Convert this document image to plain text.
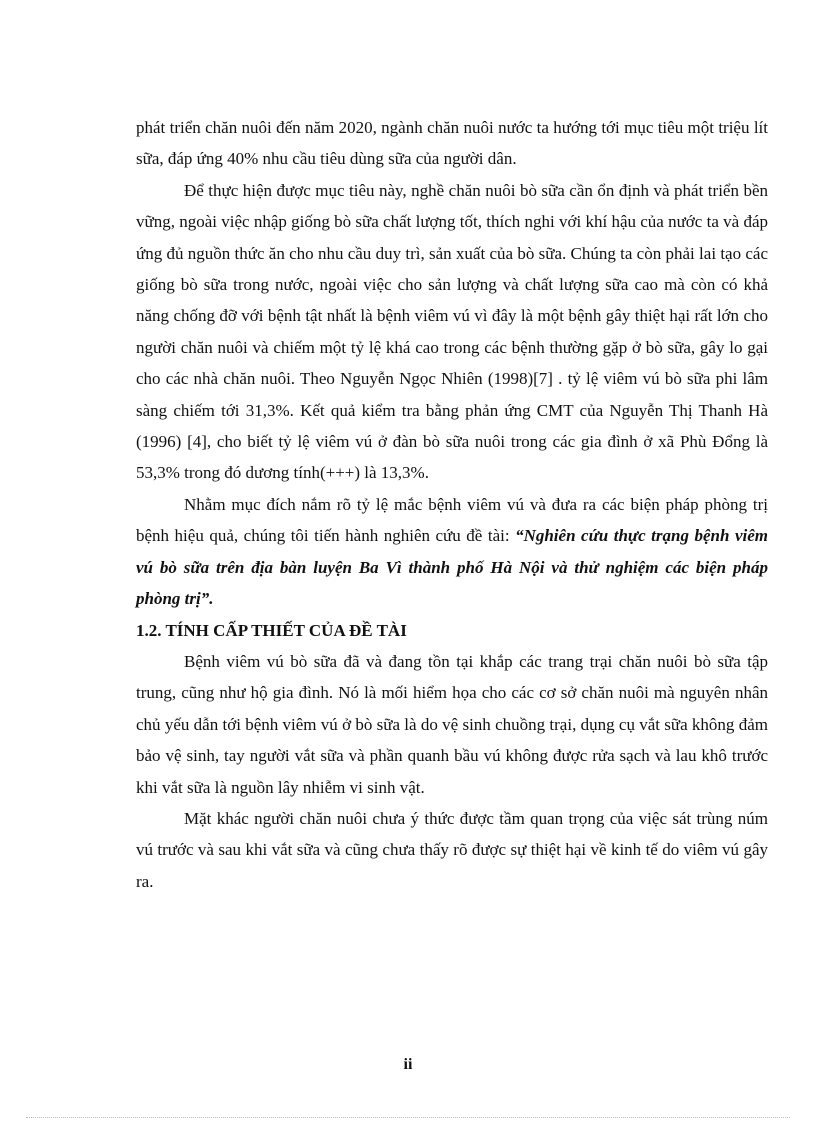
phát triển chăn nuôi đến năm 2020, ngành chăn nuôi nước ta hướng tới mục tiêu một triệu lít sữa, đáp ứng 40% nhu cầu tiêu dùng sữa của người dân.

Để thực hiện được mục tiêu này, nghề chăn nuôi bò sữa cần ổn định và phát triển bền vững, ngoài việc nhập giống bò sữa chất lượng tốt, thích nghi với khí hậu của nước ta và đáp ứng đủ nguồn thức ăn cho nhu cầu duy trì, sản xuất của bò sữa. Chúng ta còn phải lai tạo các giống bò sữa trong nước, ngoài việc cho sản lượng và chất lượng sữa cao mà còn có khả năng chống đỡ với bệnh tật nhất là bệnh viêm vú vì đây là một bệnh gây thiệt hại rất lớn cho người chăn nuôi và chiếm một tỷ lệ khá cao trong các bệnh thường gặp ở bò sữa, gây lo gại cho các nhà chăn nuôi. Theo Nguyễn Ngọc Nhiên (1998)[7] . tỷ lệ viêm vú bò sữa phi lâm sàng chiếm tới 31,3%. Kết quả kiểm tra bằng phản ứng CMT của Nguyễn Thị Thanh Hà (1996) [4], cho biết tỷ lệ viêm vú ở đàn bò sữa nuôi trong các gia đình ở xã Phù Đổng là 53,3% trong đó dương tính(+++) là 13,3%.

Nhằm mục đích nắm rõ tỷ lệ mắc bệnh viêm vú và đưa ra các biện pháp phòng trị bệnh hiệu quả, chúng tôi tiến hành nghiên cứu đề tài: “Nghiên cứu thực trạng bệnh viêm vú bò sữa trên địa bàn luyện Ba Vì thành phố Hà Nội và thử nghiệm các biện pháp phòng trị”.

1.2. TÍNH CẤP THIẾT CỦA ĐỀ TÀI

Bệnh viêm vú bò sữa đã và đang tồn tại khắp các trang trại chăn nuôi bò sữa tập trung, cũng như hộ gia đình. Nó là mối hiểm họa cho các cơ sở chăn nuôi mà nguyên nhân chủ yếu dẫn tới bệnh viêm vú ở bò sữa là do vệ sinh chuồng trại, dụng cụ vắt sữa không đảm bảo vệ sinh, tay người vắt sữa và phần quanh bầu vú không được rửa sạch và lau khô trước khi vắt sữa là nguồn lây nhiễm vi sinh vật.

Mặt khác người chăn nuôi chưa ý thức được tầm quan trọng của việc sát trùng núm vú trước và sau khi vắt sữa và cũng chưa thấy rõ được sự thiệt hại về kinh tế do viêm vú gây ra.

ii
